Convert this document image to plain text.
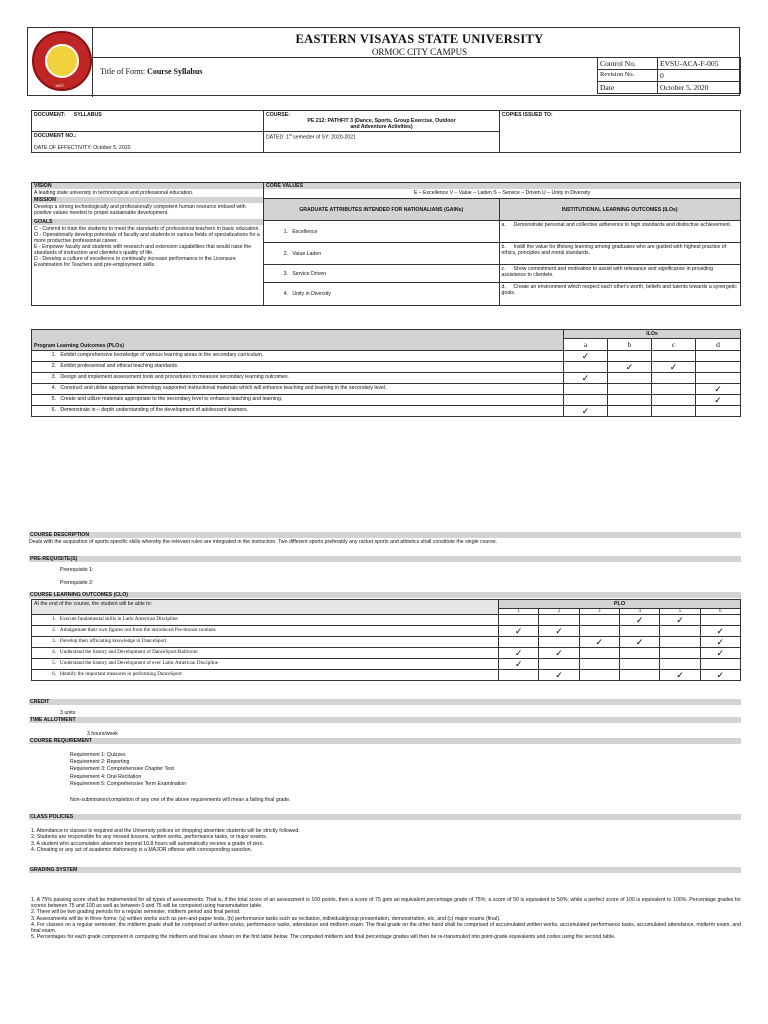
1907
EASTERN VISAYAS STATE UNIVERSITY
ORMOC CITY CAMPUS
Title of Form: Course Syllabus
Control No.	EVSU-ACA-F-005
Revision No.	0
Date	October 5, 2020
DOCUMENT: SYLLABUS	COURSE:

PE 212: PATHFIT 3 (Dance, Sports, Group Exercise, Outdoor
and Adventure Activities)	COPIES ISSUED TO:
DOCUMENT NO.:

DATE OF EFFECTIVITY: October 5, 2020	DATED: 1st semester of SY: 2020-2021	
VISION
A leading state university in technological and professional education.
MISSION
Develop a strong technologically and professionally competent human resource imbued with positive values needed to propel sustainable development.
GOALS
C - Commit to train the students to meet the standards of professional teachers in basic education.
O - Operationally develop potentials of faculty and students in various fields of specializations for a more productive professional career.
E - Empower faculty and students with research and extension capabilities that would raise the standards of instruction and clientele's quality of life.
D - Develop a culture of excellence to continually increase performance in the Licensure Examination for Teachers and pre-employment skills.

CORE VALUES
E – Excellence V – Value – Laden S – Service – Driven U – Unity in Diversity
GRADUATE ATTRIBUTES INTENDED FOR NATIONALIANS (GAINs)	INSTITUTIONAL LEARNING OUTCOMES (ILOs)
1. Excellence	a. Demonstrate personal and collective adherence to high standards and distinctive achievement.
2. Value Laden	b. Instill the value for lifelong learning among graduates who are guided with highest practice of ethics, principles and moral standards.
3. Service Driven	c. Show commitment and motivation to assist with relevance and significance in providing assistance to clientele.
4. Unity in Diversity	d. Create an environment which respect each other's worth, beliefs and talents towards a synergetic goals.
Program Learning Outcomes (PLOs)	ILOs			
	a	b	c	d
1. Exhibit comprehensive knowledge of various learning areas in the secondary curriculum.	✓			
2. Exhibit professional and ethical teaching standards.		✓	✓	
3. Design and implement assessment tools and procedures to measure secondary learning outcomes.	✓			
4. Construct and utilize appropriate technology supported instructional materials which will enhance teaching and learning in the secondary level.				✓
5. Create and utilize materials appropriate to the secondary level to enhance teaching and learning.				✓
6. Demonstrate in – depth understanding of the development of adolescent learners.	✓			
COURSE DESCRIPTION
Deals with the acquisition of sports specific skills whereby the relevant rules are integrated in the instruction. Two different sports preferably any racket sports and athletics shall constitute the single course.
PRE-REQUISITE(S)
Prerequisite 1:
Prerequisite 2:
COURSE LEARNING OUTCOMES (CLO)
At the end of the course, the student will be able to:	PLO					
	1	2	3	4	5	6
1. Execute fundamental skills in Latin American Discipline				✓	✓	
2. Amalgamate their own figures out from the introduced Pre-bronze routines	✓	✓				✓
3. Develop their officiating knowledge in DanceSport			✓	✓		✓
4. Understand the history and Development of DanceSport/Ballroom	✓	✓				✓
5. Understand the history and Development of ever Latin-American Discipline	✓					
6. Identify the important measures in performing DanceSport		✓			✓	✓
CREDIT
3 units
TIME ALLOTMENT
3 hours/week
COURSE REQUIREMENT
Requirement 1: Quizzes
Requirement 2: Reporting
Requirement 3: Comprehensive Chapter Test
Requirement 4: Oral Recitation
Requirement 5: Comprehensive Term Examination
Non-submission/completion of any one of the above requirements will mean a failing final grade.
CLASS POLICIES
1. Attendance in classes is required and the University polices on dropping absentee students will be strictly followed.
2. Students are responsible for any missed lessons, written works, performance tasks, or major exams.
3. A student who accumulates absences beyond 10.8 hours will automatically receive a grade of zero.
4. Cheating or any act of academic dishonesty is a MAJOR offense with corresponding sanction.
GRADING SYSTEM
1. A 75% passing score shall be implemented for all types of assessments. That is, if the total score of an assessment is 100 points, then a score of 75 gets an equivalent percentage grade of 75%; a score of 50 is equivalent to 50%; while a perfect score of 100 is equivalent to 100%. Percentage grades for scores between 75 and 100 as well as between 0 and 75 will be computed using transmutation table.
2. There will be two grading periods for a regular semester, midterm period and final period.
3. Assessments will be in three forms: (a) written works such as pen-and-paper tests, (b) performance tasks such as recitation, individual/group presentation, demonstration, etc, and (c) major exams (final).
4. For classes on a regular semester, the midterm grade shall be comprised of written works, performance tasks, attendance and midterm exam. The final grade on the other hand shall be comprised of accumulated written works, accumulated performance tasks, accumulated attendance, midterm exam, and final exam.
5. Percentages for each grade component in computing the midterm and final are shown on the first table below. The computed midterm and final percentage grades will then be re-transmuted into point-grade equivalents and codes using the second table.
